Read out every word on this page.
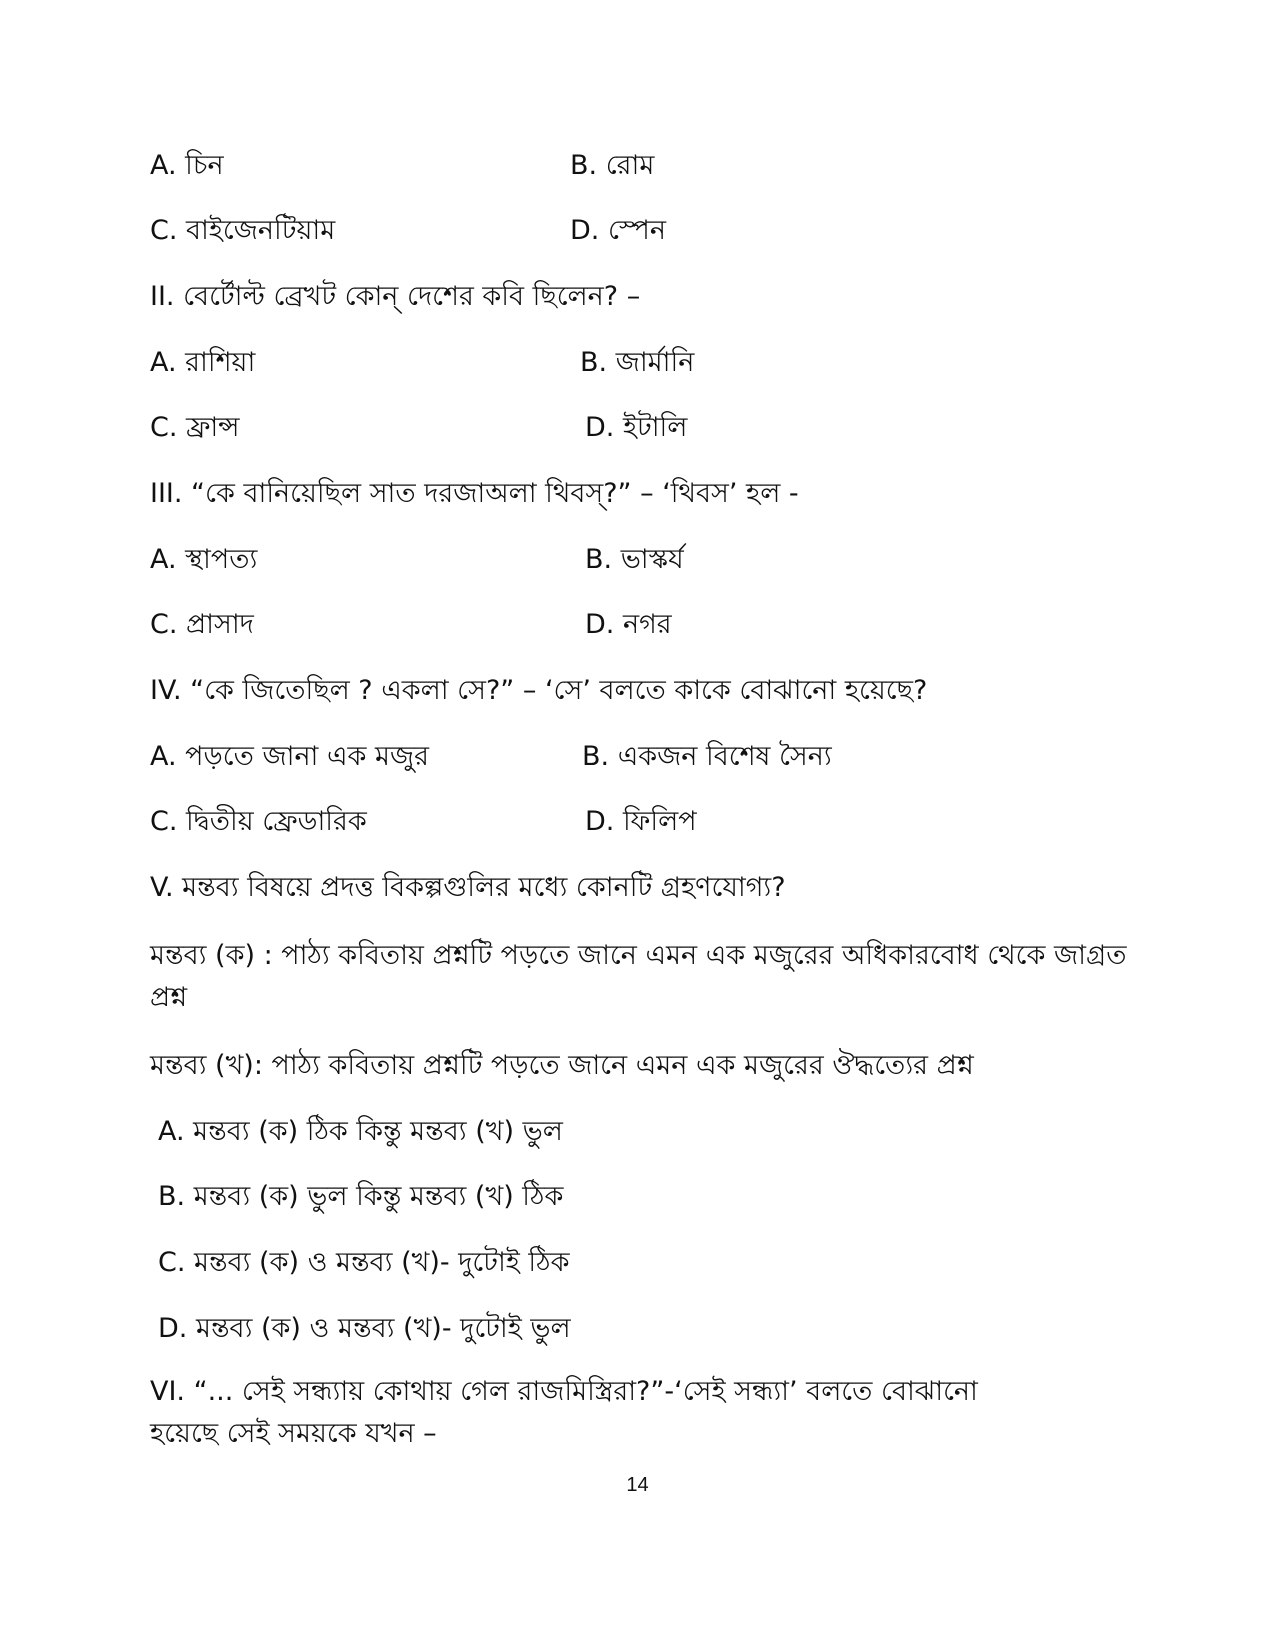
A. চিন	B. রোম
C. বাইজেনটিয়াম	D. স্পেন
II. বের্টোল্ট ব্রেখট কোন্ দেশের কবি ছিলেন? –
A. রাশিয়া	B. জার্মানি
C. ফ্রান্স	D. ইটালি
III. “কে বানিয়েছিল সাত দরজাঅলা থিবস্?” – ‘থিবস’ হল -
A. স্থাপত্য	B. ভাস্কর্য
C. প্রাসাদ	D. নগর
IV. “কে জিতেছিল ? একলা সে?” – ‘সে’ বলতে কাকে বোঝানো হয়েছে?
A. পড়তে জানা এক মজুর	B. একজন বিশেষ সৈন্য
C. দ্বিতীয় ফ্রেডারিক	D. ফিলিপ
V. মন্তব্য বিষয়ে প্রদত্ত বিকল্পগুলির মধ্যে কোনটি গ্রহণযোগ্য?
মন্তব্য (ক) : পাঠ্য কবিতায় প্রশ্নটি পড়তে জানে এমন এক মজুরের অধিকারবোধ থেকে জাগ্রত প্রশ্ন
মন্তব্য (খ): পাঠ্য কবিতায় প্রশ্নটি পড়তে জানে এমন এক মজুরের ঔদ্ধত্যের প্রশ্ন
A. মন্তব্য (ক) ঠিক কিন্তু মন্তব্য (খ) ভুল
B. মন্তব্য (ক) ভুল কিন্তু মন্তব্য (খ) ঠিক
C. মন্তব্য (ক) ও মন্তব্য (খ)- দুটোই ঠিক
D. মন্তব্য (ক) ও মন্তব্য (খ)- দুটোই ভুল
VI. “... সেই সন্ধ্যায় কোথায় গেল রাজমিস্ত্রিরা?”-‘সেই সন্ধ্যা’ বলতে বোঝানো হয়েছে সেই সময়কে যখন –
14
